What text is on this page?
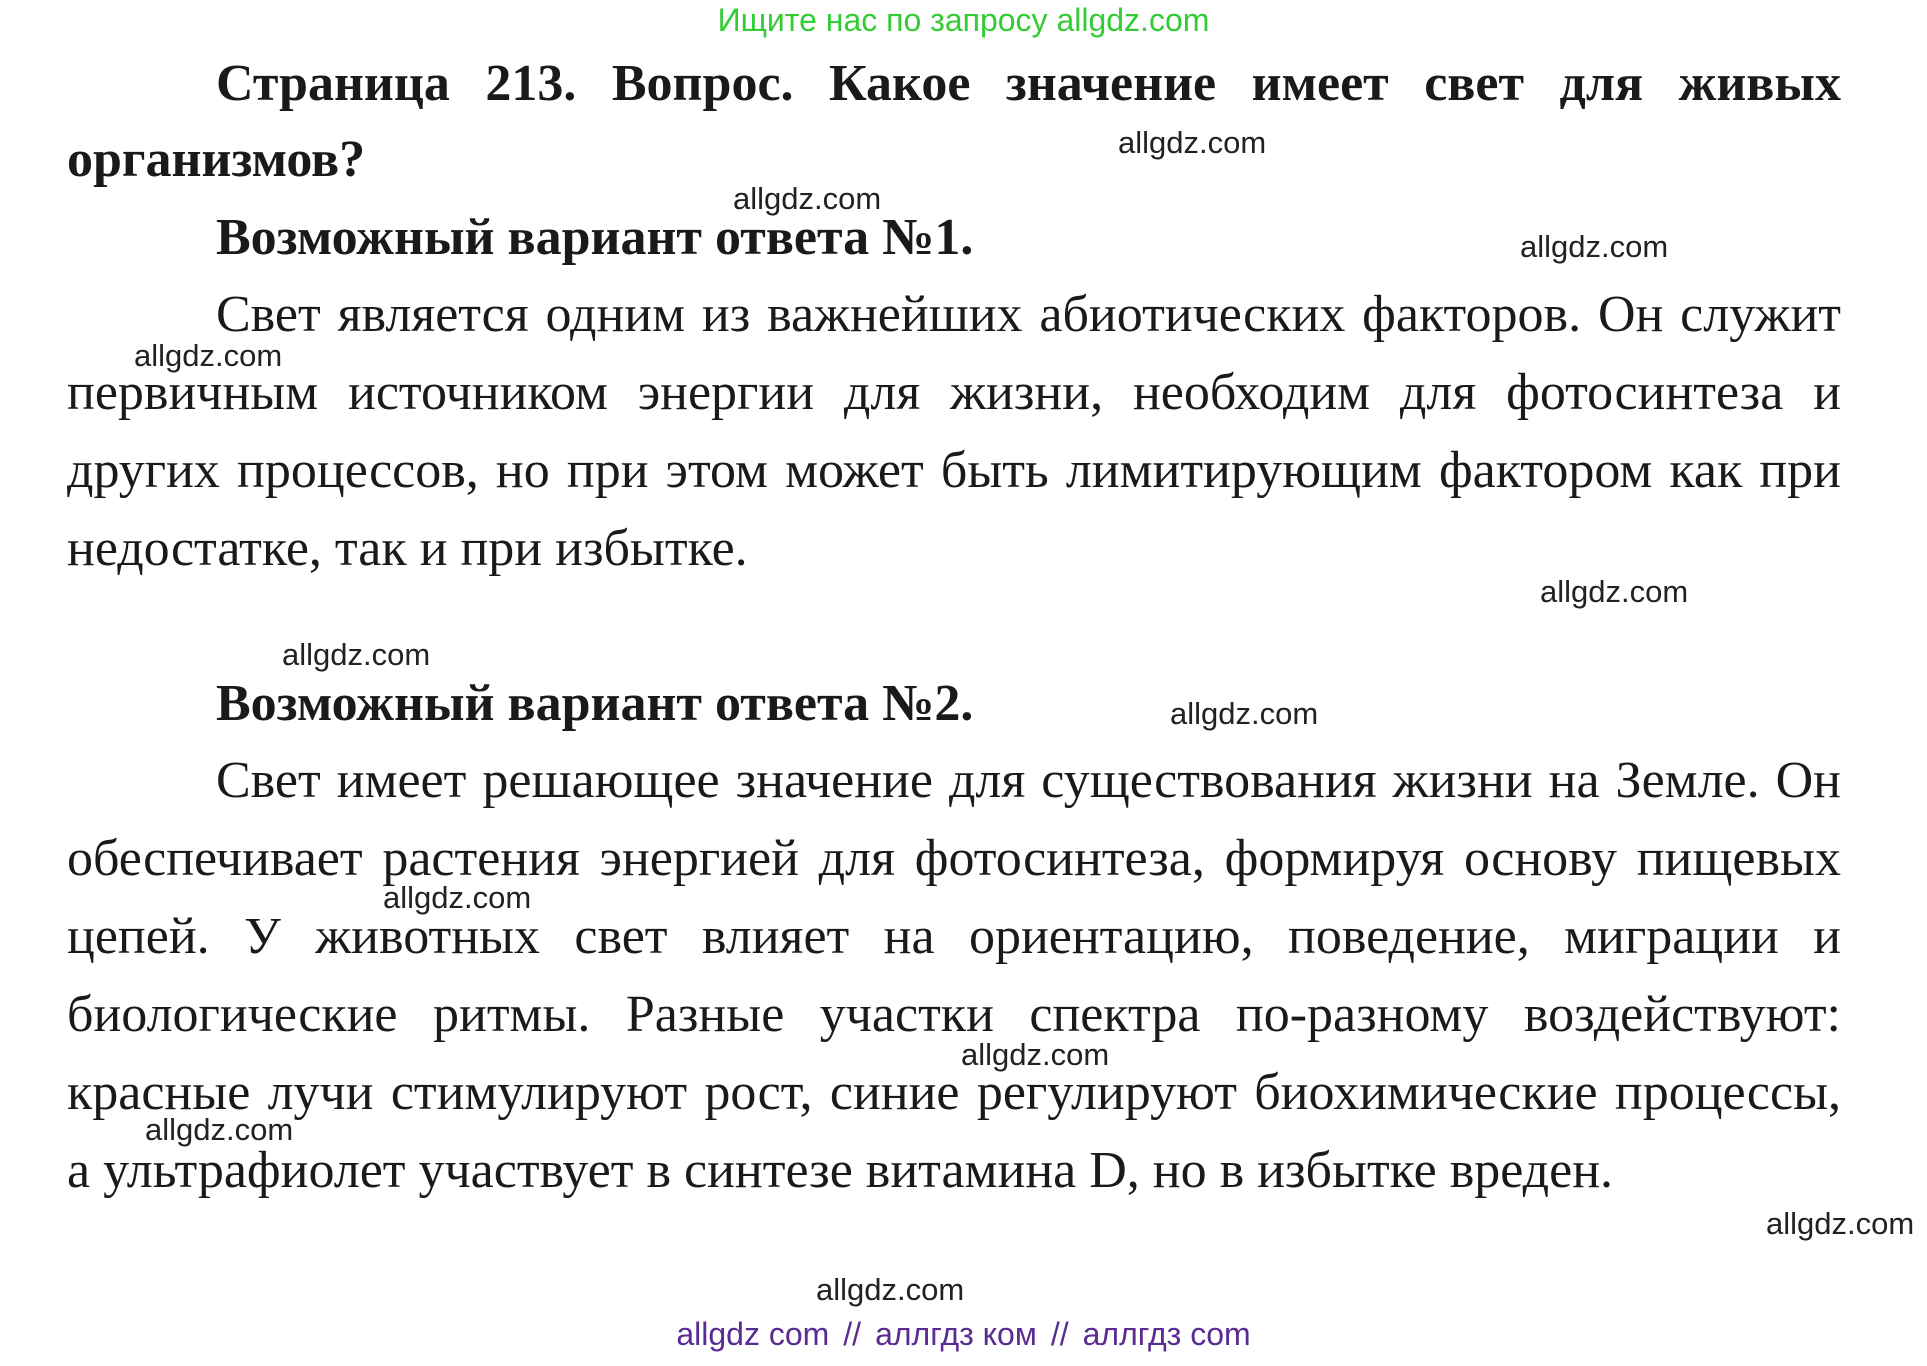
Ищите нас по запросу allgdz.com

Страница 213. Вопрос. Какое значение имеет свет для живых организмов?

Возможный вариант ответа №1.

Свет является одним из важнейших абиотических факторов. Он служит первичным источником энергии для жизни, необходим для фотосинтеза и других процессов, но при этом может быть лимитирующим фактором как при недостатке, так и при избытке.

Возможный вариант ответа №2.

Свет имеет решающее значение для существования жизни на Земле. Он обеспечивает растения энергией для фотосинтеза, формируя основу пищевых цепей. У животных свет влияет на ориентацию, поведение, миграции и биологические ритмы. Разные участки спектра по-разному воздействуют: красные лучи стимулируют рост, синие регулируют биохимические процессы, а ультрафиолет участвует в синтезе витамина D, но в избытке вреден.

allgdz.com
allgdz.com
allgdz.com
allgdz.com
allgdz.com
allgdz.com
allgdz.com
allgdz.com
allgdz.com
allgdz.com
allgdz.com
allgdz.com
allgdz com // аллгдз ком // аллгдз com
